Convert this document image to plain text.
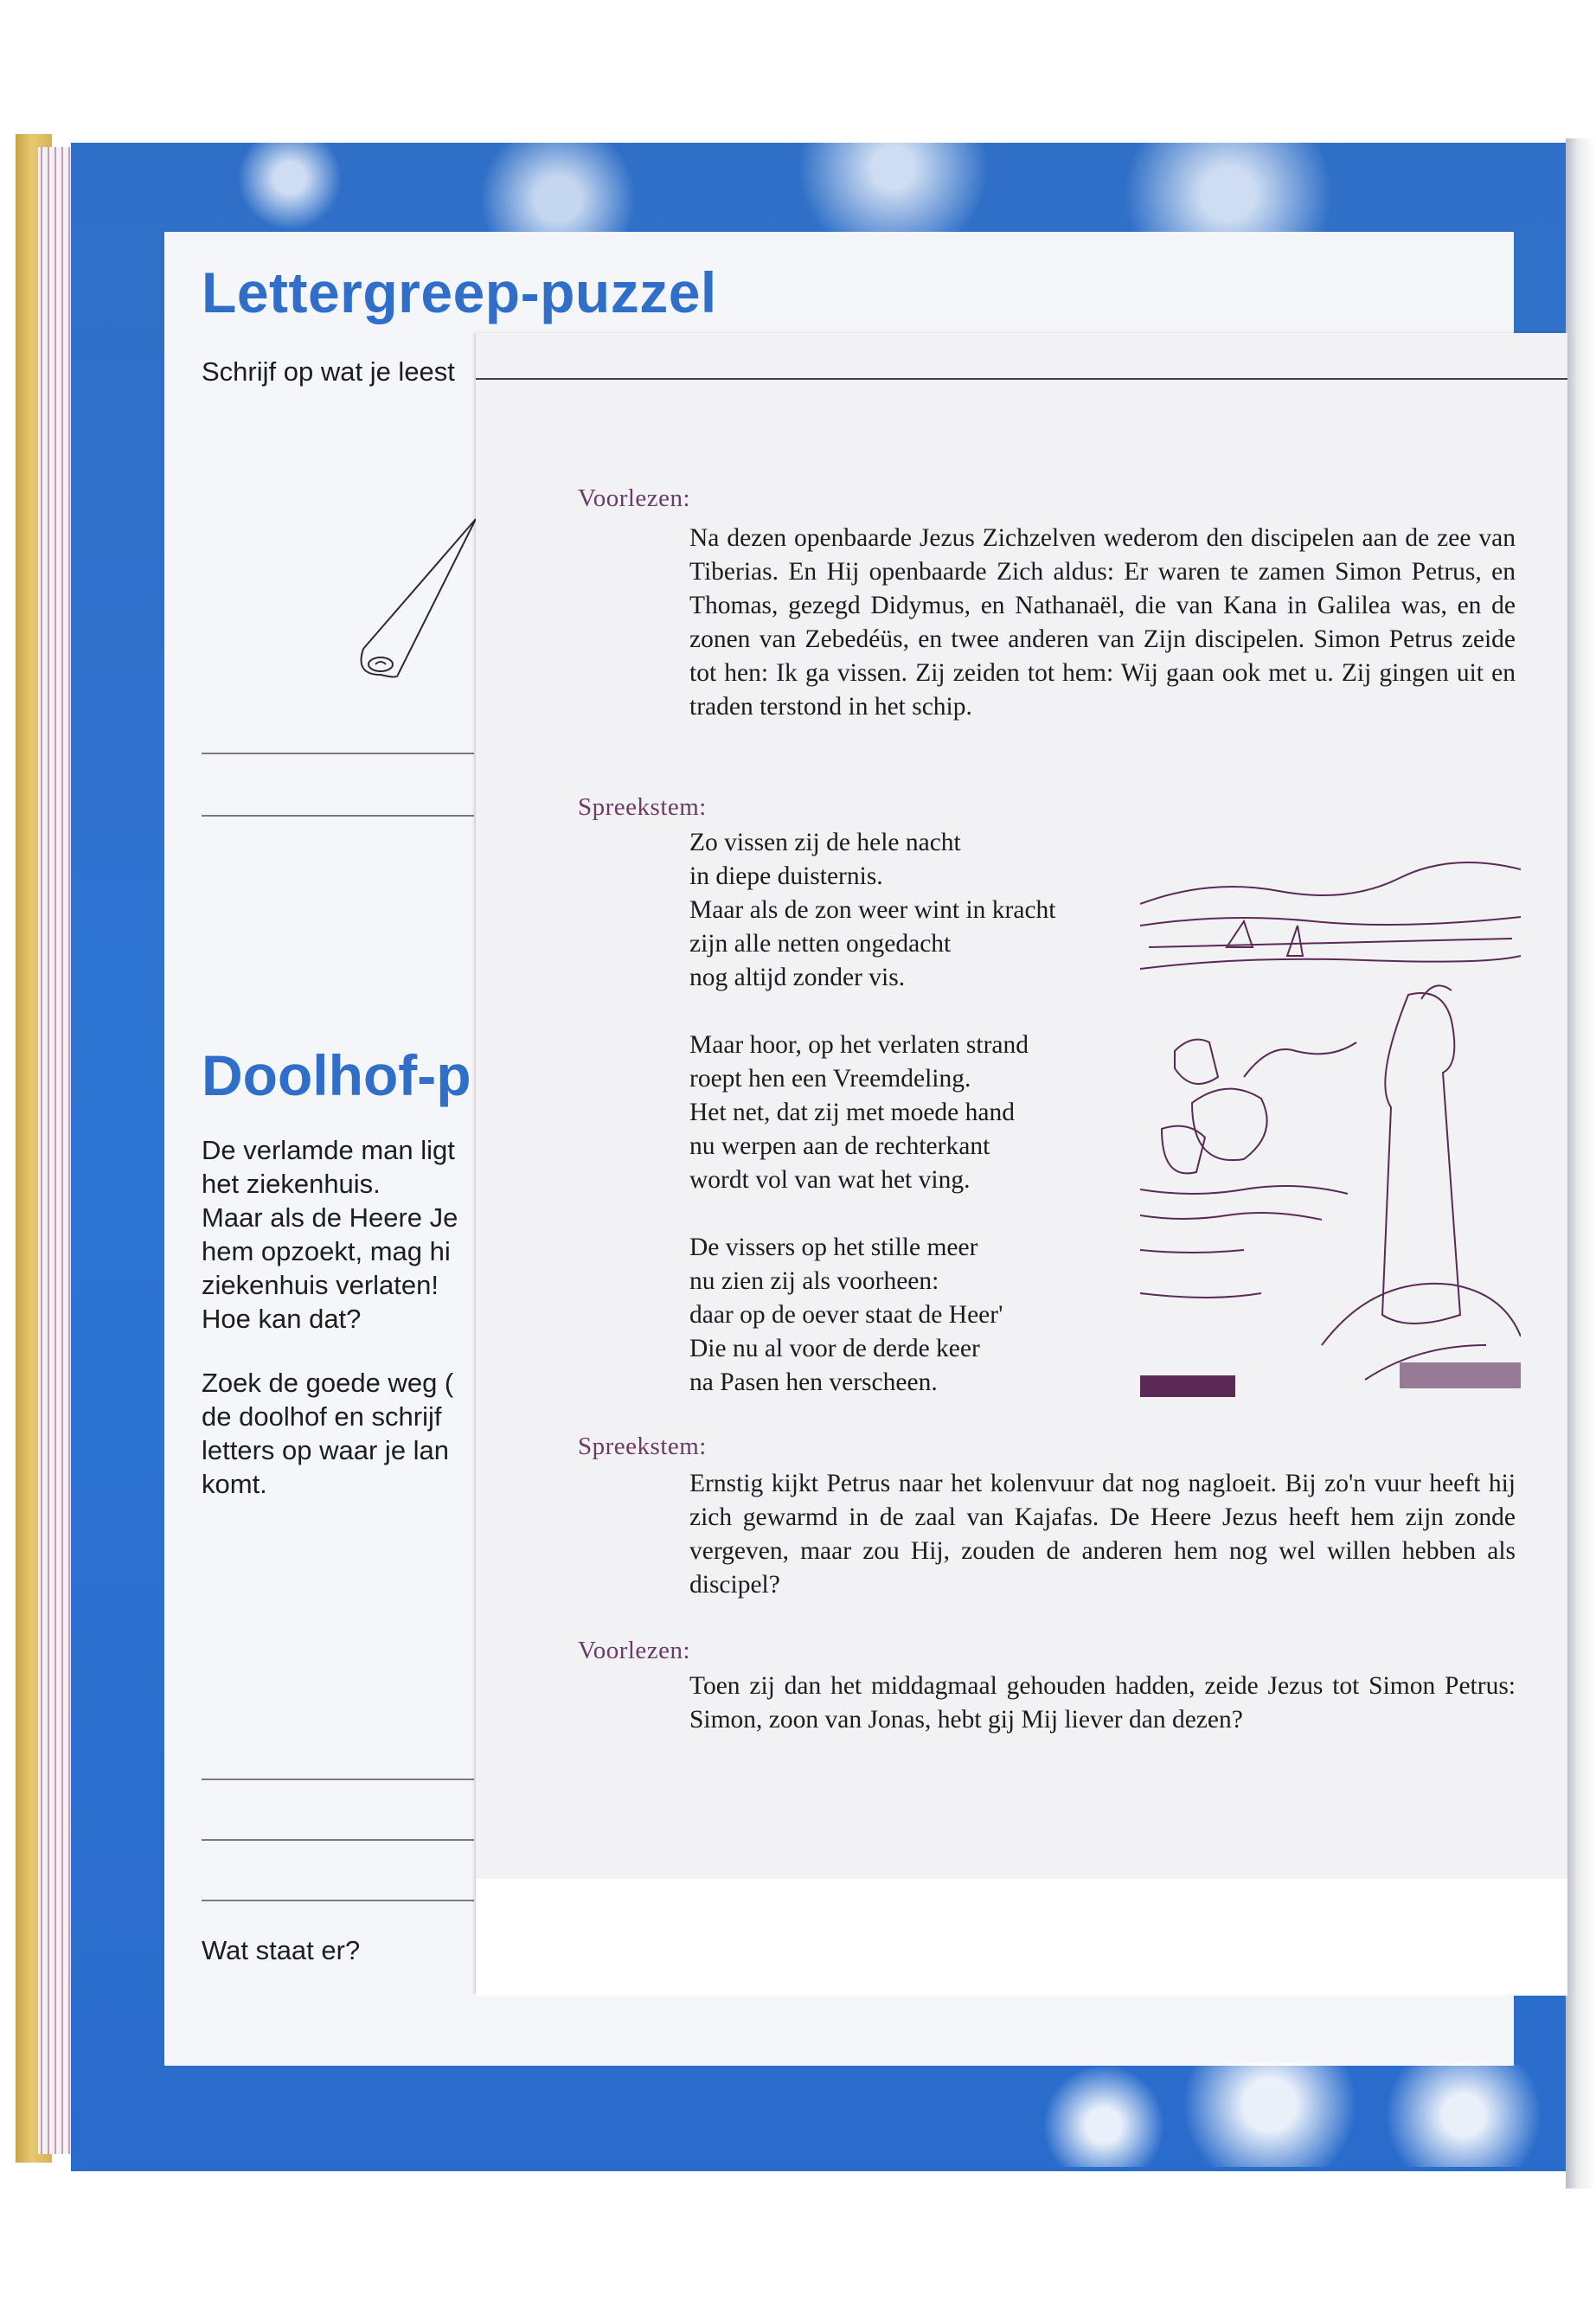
Lettergreep-puzzel
Schrijf op wat je leest
Doolhof-p

De verlamde man ligt
het ziekenhuis.
Maar als de Heere Je
hem opzoekt, mag hi
ziekenhuis verlaten!
Hoe kan dat?

Zoek de goede weg (
de doolhof en schrijf
letters op waar je lan
komt.

Wat staat er?
Voorlezen:
Na dezen openbaarde Jezus Zichzelven wederom den discipelen aan de zee van Tiberias. En Hij openbaarde Zich aldus: Er waren te zamen Simon Petrus, en Thomas, gezegd Didymus, en Nathanaël, die van Kana in Galilea was, en de zonen van Zebedéüs, en twee anderen van Zijn discipelen. Simon Petrus zeide tot hen: Ik ga vissen. Zij zeiden tot hem: Wij gaan ook met u. Zij gingen uit en traden terstond in het schip.
Spreekstem:

Zo vissen zij de hele nacht
in diepe duisternis.
Maar als de zon weer wint in kracht
zijn alle netten ongedacht
nog altijd zonder vis.

Maar hoor, op het verlaten strand
roept hen een Vreemdeling.
Het net, dat zij met moede hand
nu werpen aan de rechterkant
wordt vol van wat het ving.

De vissers op het stille meer
nu zien zij als voorheen:
daar op de oever staat de Heer'
Die nu al voor de derde keer
na Pasen hen verscheen.

Spreekstem:
Ernstig kijkt Petrus naar het kolenvuur dat nog nagloeit. Bij zo'n vuur heeft hij zich gewarmd in de zaal van Kajafas. De Heere Jezus heeft hem zijn zonde vergeven, maar zou Hij, zouden de anderen hem nog wel willen hebben als discipel?
Voorlezen:
Toen zij dan het middagmaal gehouden hadden, zeide Jezus tot Simon Petrus: Simon, zoon van Jonas, hebt gij Mij liever dan dezen?
